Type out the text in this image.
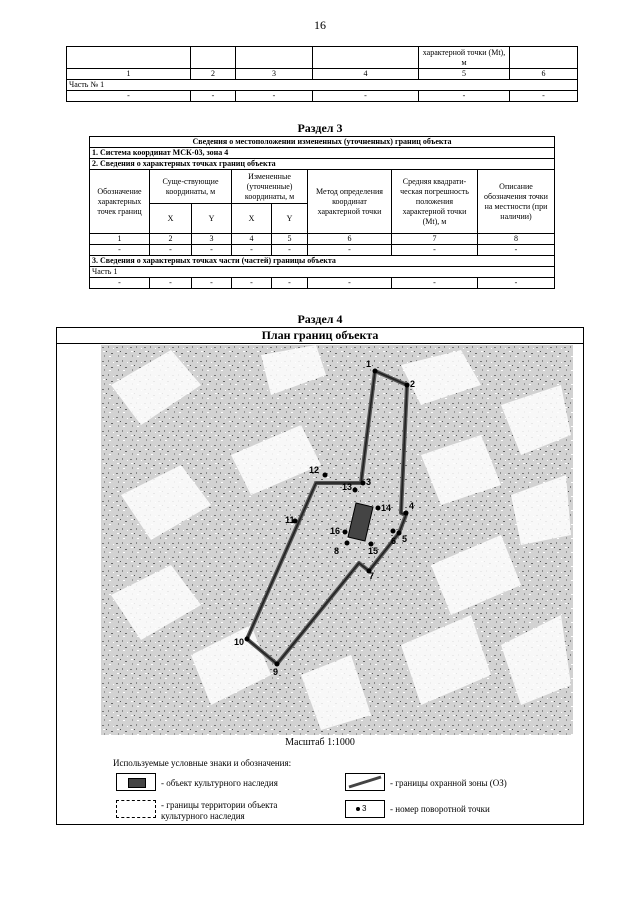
16
				характерной точки (Mt), м	
1	2	3	4	5	6
Часть № 1					
-	-	-	-	-	-
Раздел 3
Сведения о местоположении измененных (уточненных) границ объекта							
1. Система координат МСК-03, зона 4							
2. Сведения о характерных точках границ объекта							
Обозначение характерных точек границ	Суще-ствующие координаты, м		Измененные (уточненные) координаты, м		Метод определения координат характерной точки	Средняя квадрати-ческая погрешность положения характерной точки (Mt), м	Описание обозначения точки на местности (при наличии)
	X	Y	X	Y			
1	2	3	4	5	6	7	8
-	-	-	-	-	-	-	-
3. Сведения о характерных точках части (частей) границы объекта							
Часть 1							
-	-	-	-	-	-	-	-
Раздел 4
План границ объекта
1
2
3
4
5
6
7
8
9
10
11
12
13
14
15
16
Масштаб 1:1000
Используемые условные знаки и обозначения:
- объект культурного наследия	- границы охранной зоны (ОЗ)
- границы территории объекта культурного наследия
3	- номер поворотной точки
